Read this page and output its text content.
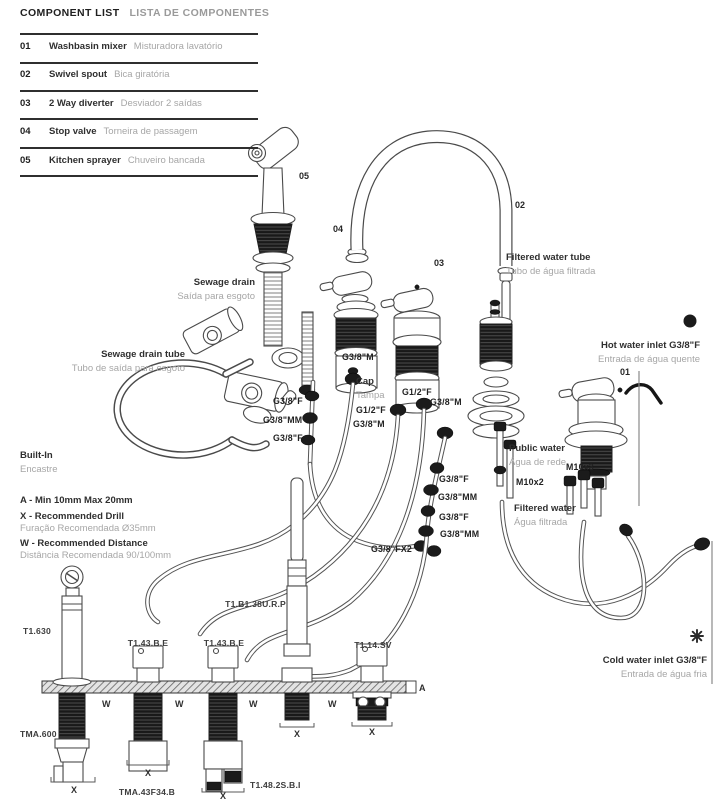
COMPONENT LIST LISTA DE COMPONENTES
01	Washbasin mixer Misturadora lavatório
02	Swivel spout Bica giratória
03	2 Way diverter Desviador 2 saídas
04	Stop valve Torneira de passagem
05	Kitchen sprayer Chuveiro bancada
05
04
03
02
01
Sewage drain
Saída para esgoto
Sewage drain tube
Tubo de saída para esgoto
Filtered water tube
Tubo de água filtrada
Hot water inlet G3/8"F
Entrada de água quente
Cold water inlet G3/8"F
Entrada de água fria
Public water
Água de rede
Filtered water
Água filtrada
Cap
Tampa
Built-In
Encastre
A - Min 10mm Max 20mm
X - Recommended Drill
Furação Recomendada Ø35mm
W - Recommended Distance
Distância Recomendada 90/100mm
G3/8"M
G1/2"F
G3/8"M
G1/2"F
G3/8"M
G3/8"F
G3/8"MM
G3/8"F
G3/8"F
G3/8"MM
G3/8"F
G3/8"MM
G3/8"FX2
M10x2
M10x3
T1.630
TMA.600
T1.43.B.E	T1.43.B.E
T1.B1.38U.R.P
T1.14.SV
TMA.43F34.B
T1.48.2S.B.I
W	W	W	W
X
X
X
X	X
A
